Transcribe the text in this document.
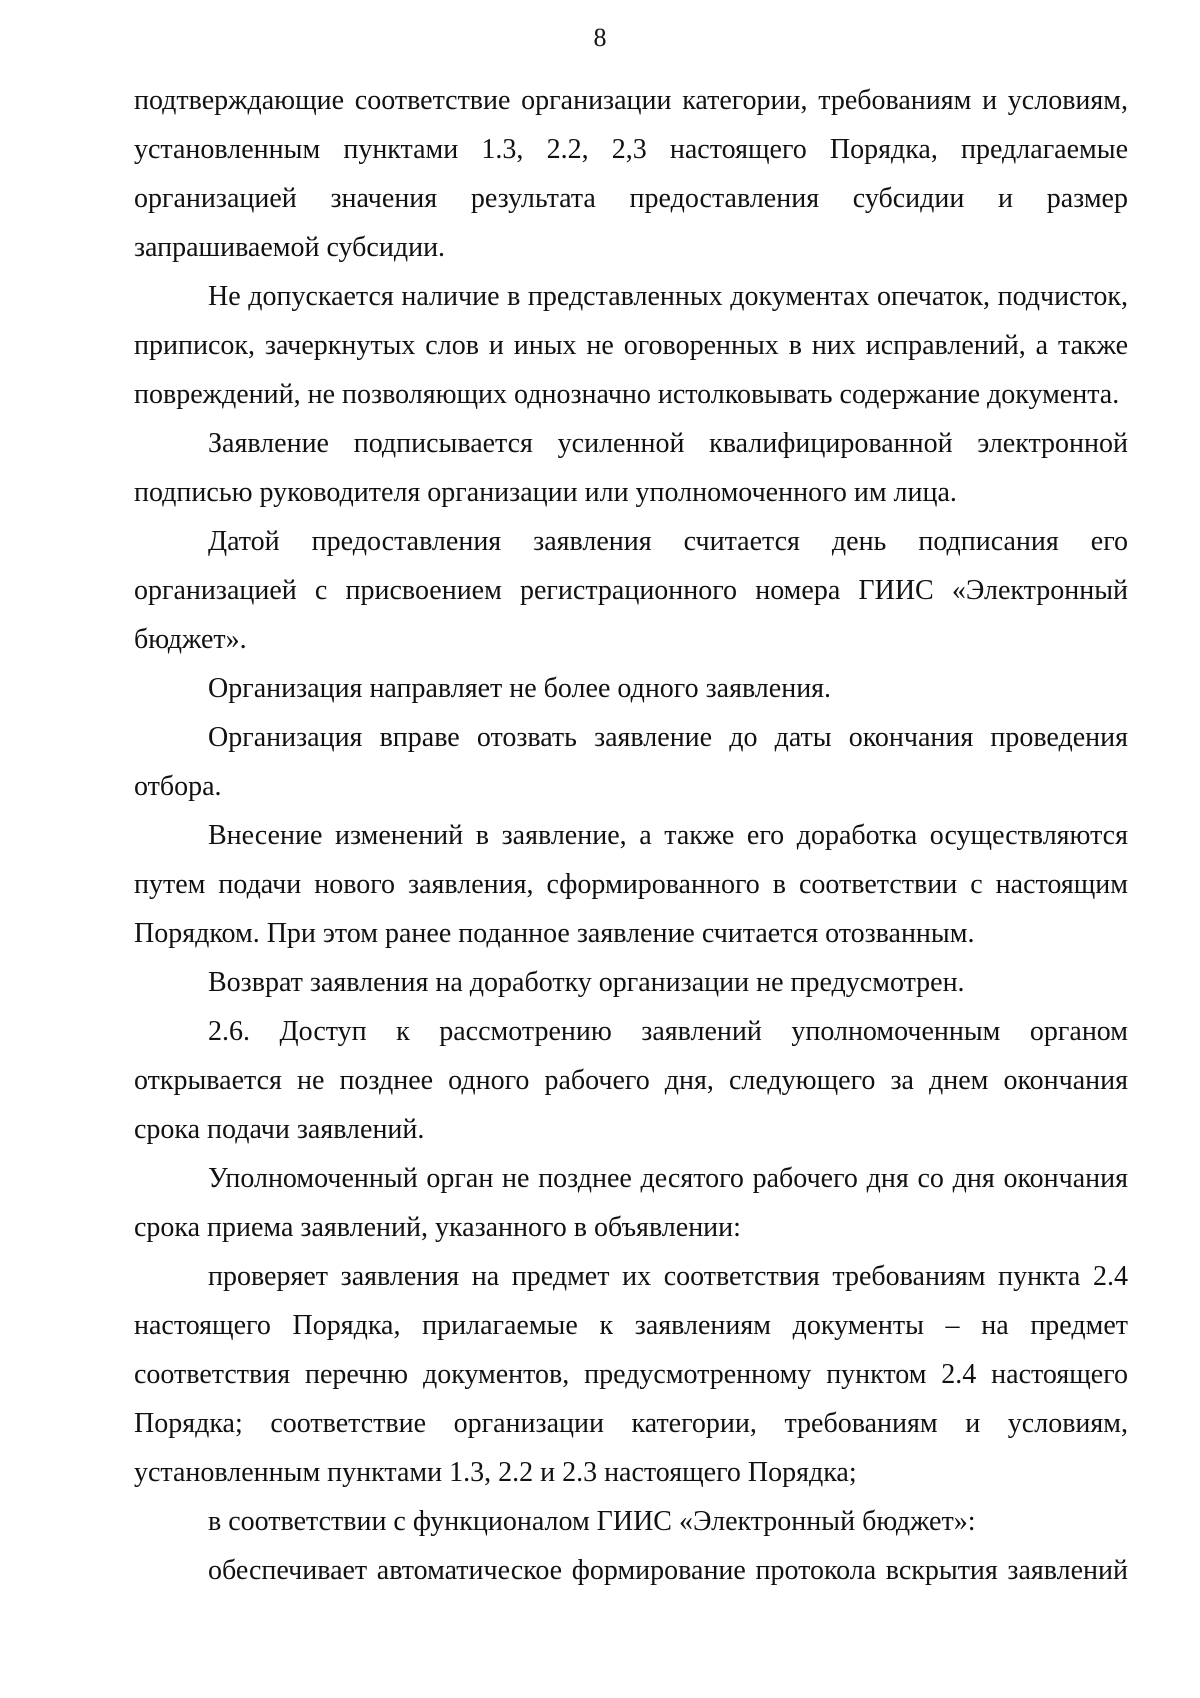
8

подтверждающие соответствие организации категории, требованиям и условиям, установленным пунктами 1.3, 2.2, 2,3 настоящего Порядка, предлагаемые организацией значения результата предоставления субсидии и размер запрашиваемой субсидии.

Не допускается наличие в представленных документах опечаток, подчисток, приписок, зачеркнутых слов и иных не оговоренных в них исправлений, а также повреждений, не позволяющих однозначно истолковывать содержание документа.

Заявление подписывается усиленной квалифицированной электронной подписью руководителя организации или уполномоченного им лица.

Датой предоставления заявления считается день подписания его организацией с присвоением регистрационного номера ГИИС «Электронный бюджет».

Организация направляет не более одного заявления.

Организация вправе отозвать заявление до даты окончания проведения отбора.

Внесение изменений в заявление, а также его доработка осуществляются путем подачи нового заявления, сформированного в соответствии с настоящим Порядком. При этом ранее поданное заявление считается отозванным.

Возврат заявления на доработку организации не предусмотрен.

2.6. Доступ к рассмотрению заявлений уполномоченным органом открывается не позднее одного рабочего дня, следующего за днем окончания срока подачи заявлений.

Уполномоченный орган не позднее десятого рабочего дня со дня окончания срока приема заявлений, указанного в объявлении:

проверяет заявления на предмет их соответствия требованиям пункта 2.4 настоящего Порядка, прилагаемые к заявлениям документы – на предмет соответствия перечню документов, предусмотренному пунктом 2.4 настоящего Порядка; соответствие организации категории, требованиям и условиям, установленным пунктами 1.3, 2.2 и 2.3 настоящего Порядка;

в соответствии с функционалом ГИИС «Электронный бюджет»:

обеспечивает автоматическое формирование протокола вскрытия заявлений
